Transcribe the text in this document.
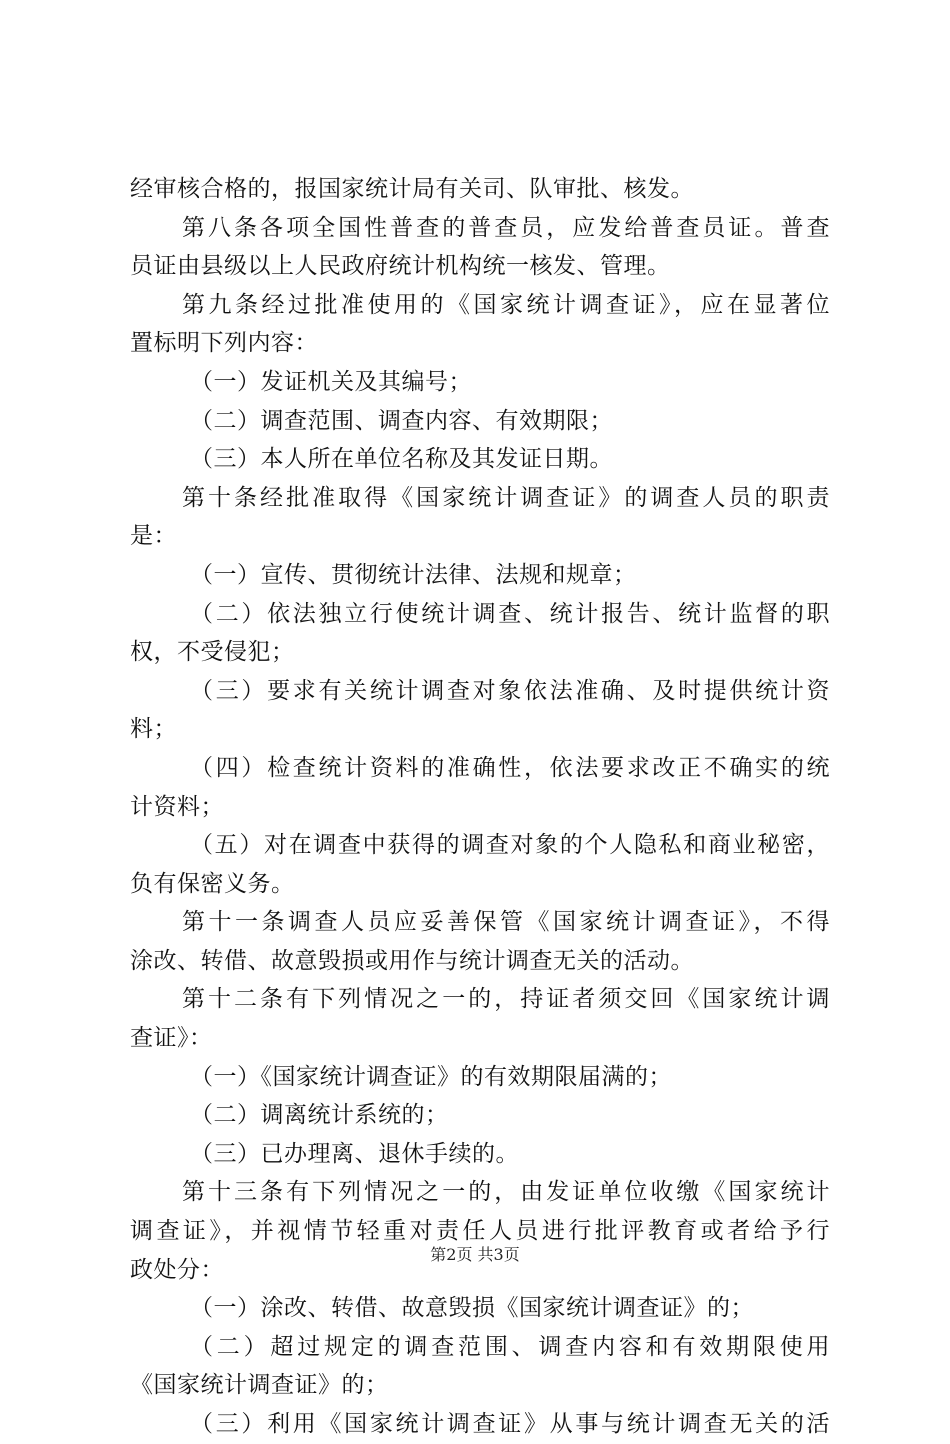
经审核合格的，报国家统计局有关司、队审批、核发。
第八条各项全国性普查的普查员，应发给普查员证。普查
员证由县级以上人民政府统计机构统一核发、管理。
第九条经过批准使用的《国家统计调查证》，应在显著位
置标明下列内容：
（一）发证机关及其编号；
（二）调查范围、调查内容、有效期限；
（三）本人所在单位名称及其发证日期。
第十条经批准取得《国家统计调查证》的调查人员的职责
是：
（一）宣传、贯彻统计法律、法规和规章；
（二）依法独立行使统计调查、统计报告、统计监督的职
权，不受侵犯；
（三）要求有关统计调查对象依法准确、及时提供统计资
料；
（四）检查统计资料的准确性，依法要求改正不确实的统
计资料；
（五）对在调查中获得的调查对象的个人隐私和商业秘密，
负有保密义务。
第十一条调查人员应妥善保管《国家统计调查证》，不得
涂改、转借、故意毁损或用作与统计调查无关的活动。
第十二条有下列情况之一的，持证者须交回《国家统计调
查证》：
（一）《国家统计调查证》的有效期限届满的；
（二）调离统计系统的；
（三）已办理离、退休手续的。
第十三条有下列情况之一的，由发证单位收缴《国家统计
调查证》，并视情节轻重对责任人员进行批评教育或者给予行
政处分：
（一）涂改、转借、故意毁损《国家统计调查证》的；
（二）超过规定的调查范围、调查内容和有效期限使用
《国家统计调查证》的；
（三）利用《国家统计调查证》从事与统计调查无关的活
第2页 共3页
